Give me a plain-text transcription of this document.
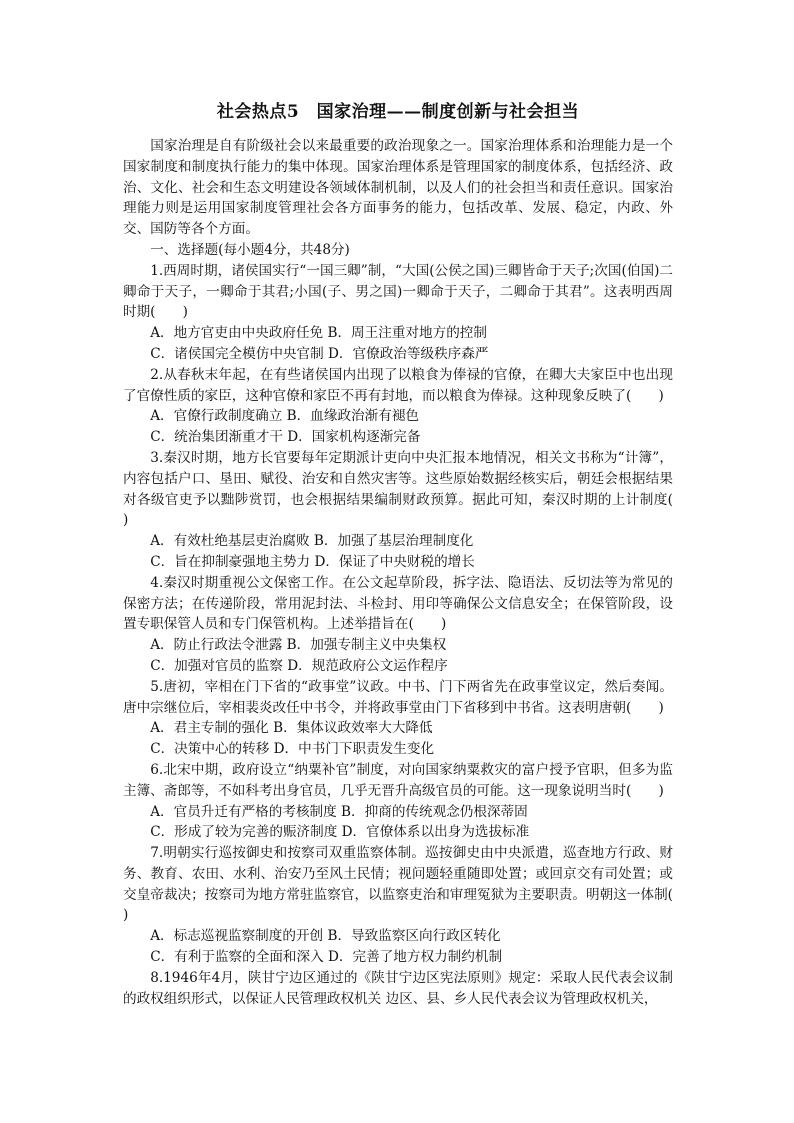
社会热点5　国家治理——制度创新与社会担当

国家治理是自有阶级社会以来最重要的政治现象之一。国家治理体系和治理能力是一个国家制度和制度执行能力的集中体现。国家治理体系是管理国家的制度体系，包括经济、政治、文化、社会和生态文明建设各领域体制机制，以及人们的社会担当和责任意识。国家治理能力则是运用国家制度管理社会各方面事务的能力，包括改革、发展、稳定，内政、外交、国防等各个方面。

一、选择题(每小题4分，共48分)

1.西周时期，诸侯国实行“一国三卿”制，“大国(公侯之国)三卿皆命于天子;次国(伯国)二卿命于天子，一卿命于其君;小国(子、男之国)一卿命于天子，二卿命于其君”。这表明西周时期(　　)

A．地方官吏由中央政府任免 B．周王注重对地方的控制

C．诸侯国完全模仿中央官制 D．官僚政治等级秩序森严

2.从春秋末年起，在有些诸侯国内出现了以粮食为俸禄的官僚，在卿大夫家臣中也出现了官僚性质的家臣，这种官僚和家臣不再有封地，而以粮食为俸禄。这种现象反映了(　　)

A．官僚行政制度确立 B．血缘政治渐有褪色

C．统治集团渐重才干 D．国家机构逐渐完备

3.秦汉时期，地方长官要每年定期派计吏向中央汇报本地情况，相关文书称为“计簿”，内容包括户口、垦田、赋役、治安和自然灾害等。这些原始数据经核实后，朝廷会根据结果对各级官吏予以黜陟赏罚，也会根据结果编制财政预算。据此可知，秦汉时期的上计制度(　　)

A．有效杜绝基层吏治腐败 B．加强了基层治理制度化

C．旨在抑制豪强地主势力 D．保证了中央财税的增长

4.秦汉时期重视公文保密工作。在公文起草阶段，拆字法、隐语法、反切法等为常见的保密方法；在传递阶段，常用泥封法、斗检封、用印等确保公文信息安全；在保管阶段，设置专职保管人员和专门保管机构。上述举措旨在(　　)

A．防止行政法令泄露 B．加强专制主义中央集权

C．加强对官员的监察 D．规范政府公文运作程序

5.唐初，宰相在门下省的“政事堂”议政。中书、门下两省先在政事堂议定，然后奏闻。唐中宗继位后，宰相裴炎改任中书令，并将政事堂由门下省移到中书省。这表明唐朝(　　)

A．君主专制的强化 B．集体议政效率大大降低

C．决策中心的转移 D．中书门下职责发生变化

6.北宋中期，政府设立“纳粟补官”制度，对向国家纳粟救灾的富户授予官职，但多为监主簿、斋郎等，不如科考出身官员，几乎无晋升高级官员的可能。这一现象说明当时(　　)

A．官员升迁有严格的考核制度 B．抑商的传统观念仍根深蒂固

C．形成了较为完善的赈济制度 D．官僚体系以出身为选拔标准

7.明朝实行巡按御史和按察司双重监察体制。巡按御史由中央派遣，巡查地方行政、财务、教育、农田、水利、治安乃至风土民情；视问题轻重随即处置；或回京交有司处置；或交皇帝裁决；按察司为地方常驻监察官，以监察吏治和审理冤狱为主要职责。明朝这一体制(　　)

A．标志巡视监察制度的开创 B．导致监察区向行政区转化

C．有利于监察的全面和深入 D．完善了地方权力制约机制

8.1946年4月，陕甘宁边区通过的《陕甘宁边区宪法原则》规定：采取人民代表会议制的政权组织形式，以保证人民管理政权机关 边区、县、乡人民代表会议为管理政权机关，
